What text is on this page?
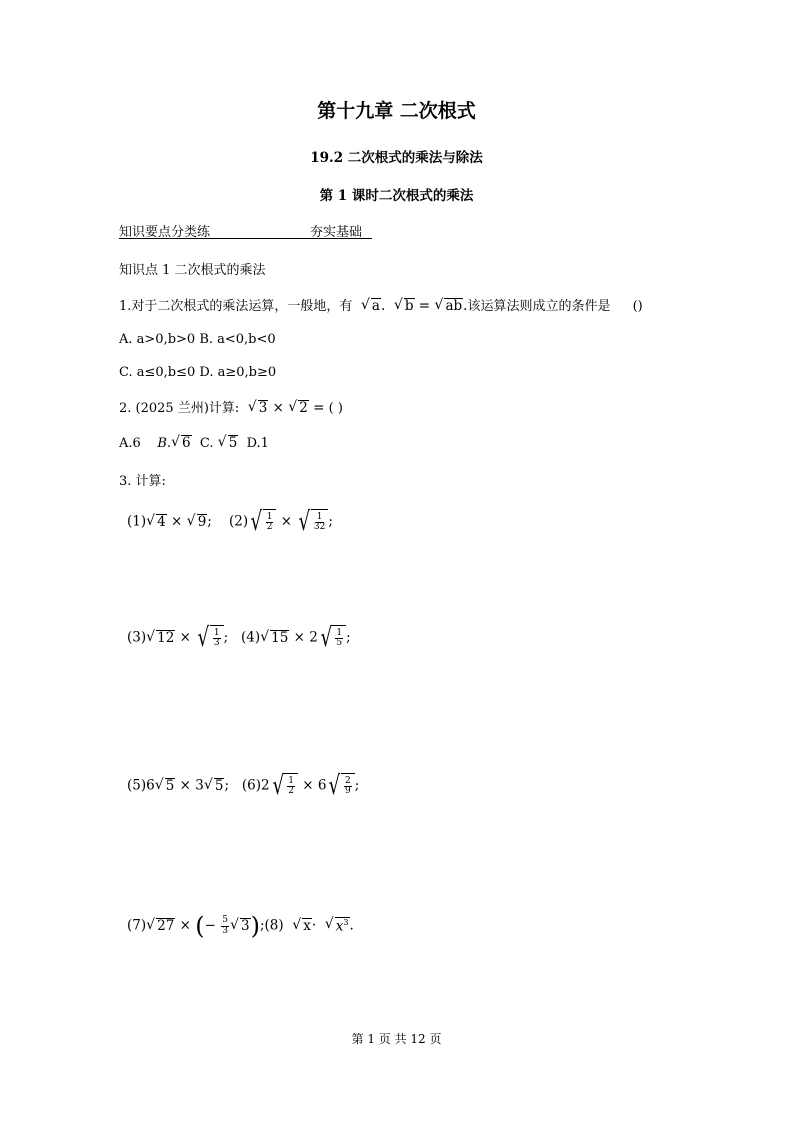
第十九章 二次根式
19.2 二次根式的乘法与除法
第 1 课时二次根式的乘法
知识要点分类练	夯实基础
知识点 1 二次根式的乘法
1.对于二次根式的乘法运算，一般地，有 √ a . √ b = √ ab .该运算法则成立的条件是 ()
A. a>0,b>0 B. a<0,b<0
C. a≤0,b≤0 D. a≥0,b≥0
2. (2025 兰州)计算: √ 3 × √ 2 = ( )
A.6 B. √ 6 C. √ 5 D.1
3. 计算:
(1) √ 4 × √ 9 ;    (2) √ $\frac{1}{2}$ × √ $\frac{1}{32}$ ;
(3) √ 12 × √ $\frac{1}{3}$ ;   (4) √ 15 × 2 √ $\frac{1}{5}$ ;
(5)6 √ 5 × 3 √ 5 ;   (6)2 √ $\frac{1}{2} \times 6$ √ $\frac{2}{9}$ ;
(7) √ 27 × (− $\frac{5}{3}$ √ 3 );(8) √ x · √ $x^3$ .
第 1 页 共 12 页
